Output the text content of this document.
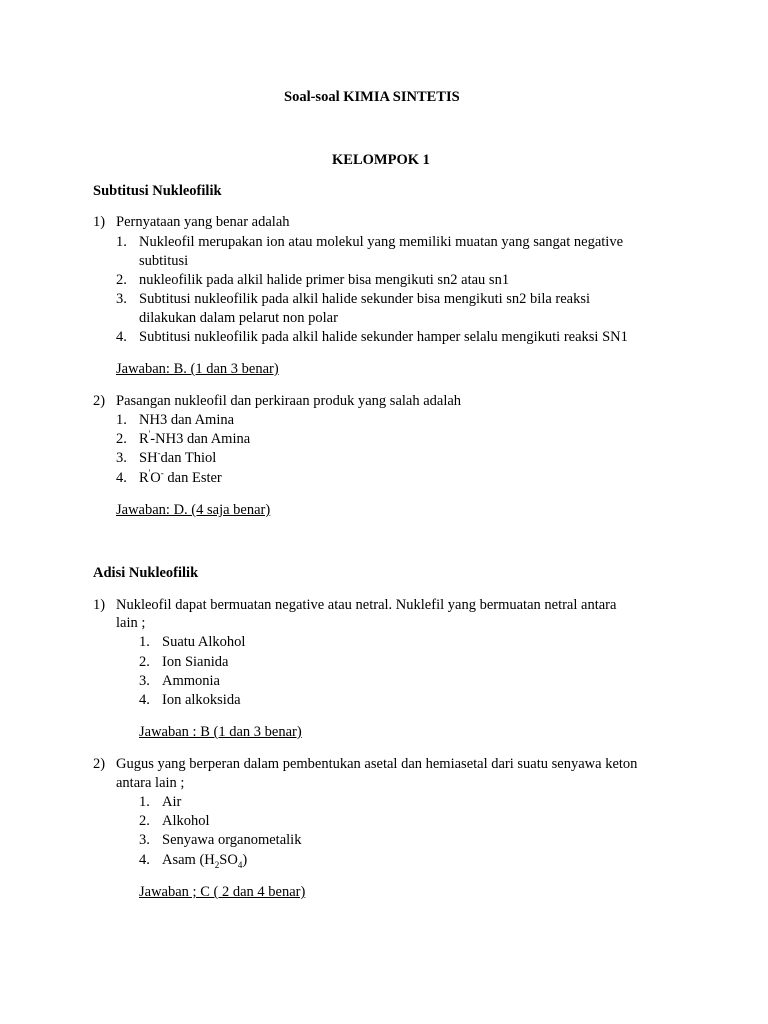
Soal-soal KIMIA SINTETIS
KELOMPOK 1
Subtitusi Nukleofilik
1) Pernyataan yang benar adalah
1. Nukleofil merupakan ion atau molekul yang memiliki muatan yang sangat negative
subtitusi
2. nukleofilik pada alkil halide primer bisa mengikuti sn2 atau sn1
3. Subtitusi nukleofilik pada alkil halide sekunder bisa mengikuti sn2 bila reaksi
dilakukan dalam pelarut non polar
4. Subtitusi nukleofilik pada alkil halide sekunder hamper selalu mengikuti reaksi SN1
Jawaban: B. (1 dan 3 benar)
2) Pasangan nukleofil dan perkiraan produk yang salah adalah
1. NH3 dan Amina
2. R'-NH3 dan Amina
3. SH-dan Thiol
4. R'O- dan Ester
Jawaban: D. (4 saja benar)
Adisi Nukleofilik
1) Nukleofil dapat bermuatan negative atau netral. Nuklefil yang bermuatan netral antara
lain ;
1. Suatu Alkohol
2. Ion Sianida
3. Ammonia
4. Ion alkoksida
Jawaban : B (1 dan 3 benar)
2) Gugus yang berperan dalam pembentukan asetal dan hemiasetal dari suatu senyawa keton
antara lain ;
1. Air
2. Alkohol
3. Senyawa organometalik
4. Asam $(H_2SO_4)$
Jawaban ; C ( 2 dan 4 benar)
